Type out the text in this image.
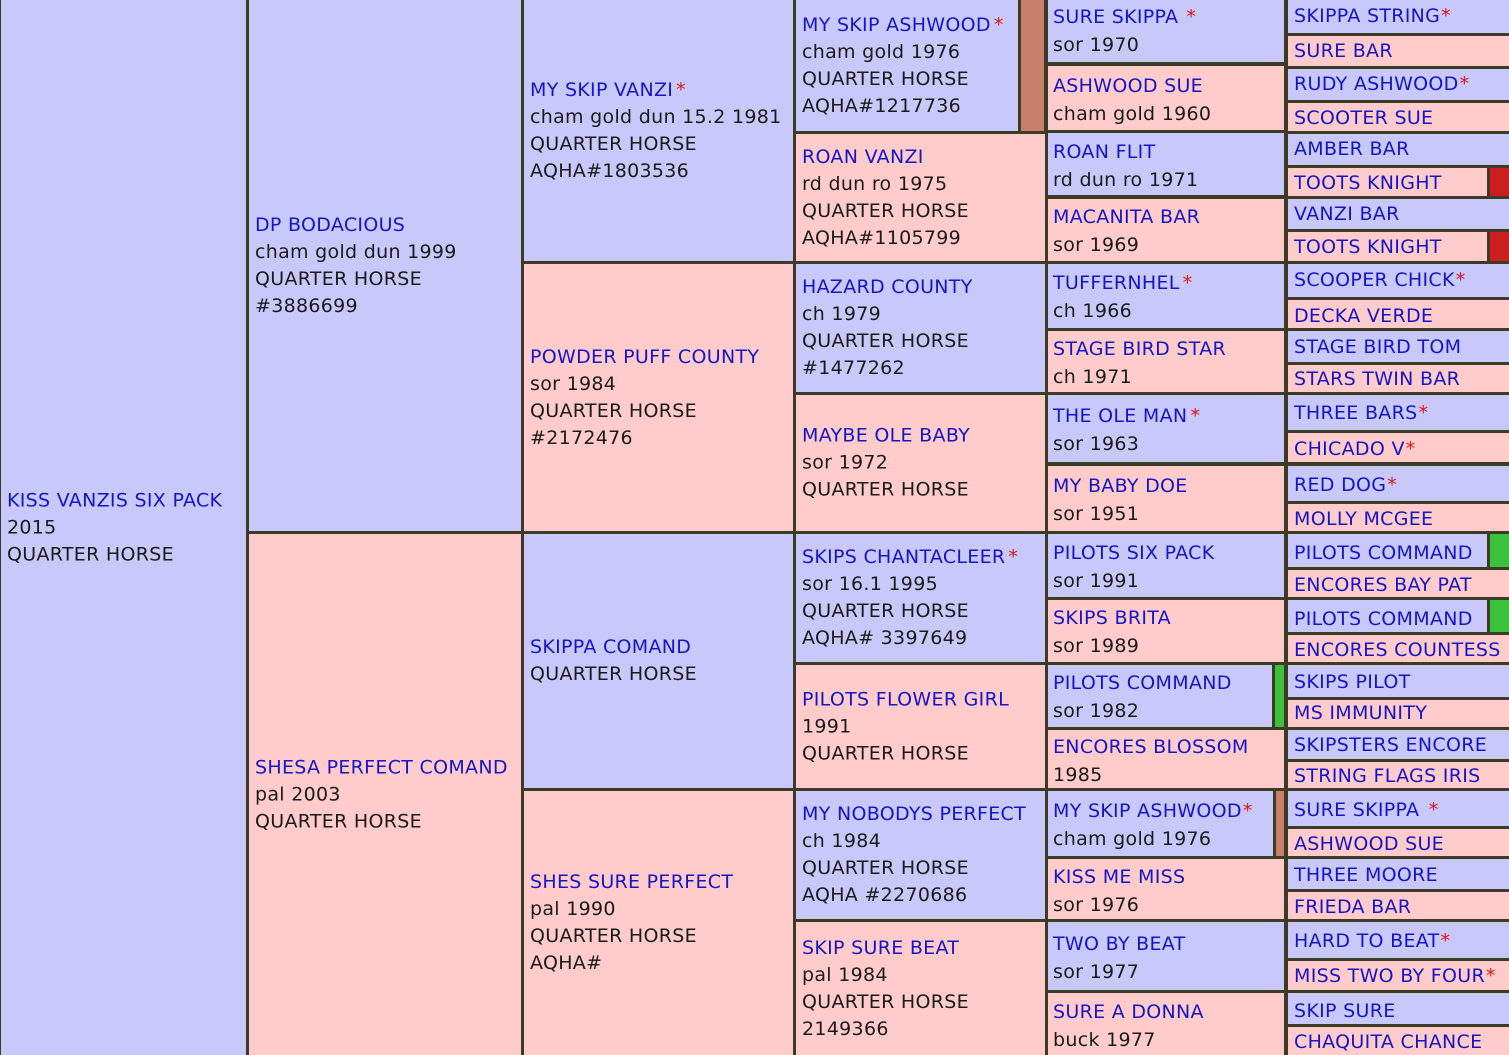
KISS VANZIS SIX PACK
2015
QUARTER HORSE
DP BODACIOUS
cham gold dun 1999
QUARTER HORSE
#3886699
SHESA PERFECT COMAND
pal 2003
QUARTER HORSE
MY SKIP VANZI *
cham gold dun 15.2 1981
QUARTER HORSE
AQHA#1803536
POWDER PUFF COUNTY
sor 1984
QUARTER HORSE
#2172476
SKIPPA COMAND
QUARTER HORSE
SHES SURE PERFECT
pal 1990
QUARTER HORSE
AQHA#
MY SKIP ASHWOOD *
cham gold 1976
QUARTER HORSE
AQHA#1217736
ROAN VANZI
rd dun ro 1975
QUARTER HORSE
AQHA#1105799
HAZARD COUNTY
ch 1979
QUARTER HORSE
#1477262
MAYBE OLE BABY
sor 1972
QUARTER HORSE
SKIPS CHANTACLEER *
sor 16.1 1995
QUARTER HORSE
AQHA# 3397649
PILOTS FLOWER GIRL
1991
QUARTER HORSE
MY NOBODYS PERFECT
ch 1984
QUARTER HORSE
AQHA #2270686
SKIP SURE BEAT
pal 1984
QUARTER HORSE
2149366
SURE SKIPPA *
sor 1970
ASHWOOD SUE
cham gold 1960
ROAN FLIT
rd dun ro 1971
MACANITA BAR
sor 1969
TUFFERNHEL *
ch 1966
STAGE BIRD STAR
ch 1971
THE OLE MAN *
sor 1963
MY BABY DOE
sor 1951
PILOTS SIX PACK
sor 1991
SKIPS BRITA
sor 1989
PILOTS COMMAND
sor 1982
ENCORES BLOSSOM
1985
MY SKIP ASHWOOD*
cham gold 1976
KISS ME MISS
sor 1976
TWO BY BEAT
sor 1977
SURE A DONNA
buck 1977
SKIPPA STRING*
SURE BAR
RUDY ASHWOOD*
SCOOTER SUE
AMBER BAR
TOOTS KNIGHT
VANZI BAR
TOOTS KNIGHT
SCOOPER CHICK*
DECKA VERDE
STAGE BIRD TOM
STARS TWIN BAR
THREE BARS*
CHICADO V*
RED DOG*
MOLLY MCGEE
PILOTS COMMAND
ENCORES BAY PAT
PILOTS COMMAND
ENCORES COUNTESS
SKIPS PILOT
MS IMMUNITY
SKIPSTERS ENCORE
STRING FLAGS IRIS
SURE SKIPPA *
ASHWOOD SUE
THREE MOORE
FRIEDA BAR
HARD TO BEAT*
MISS TWO BY FOUR*
SKIP SURE
CHAQUITA CHANCE
